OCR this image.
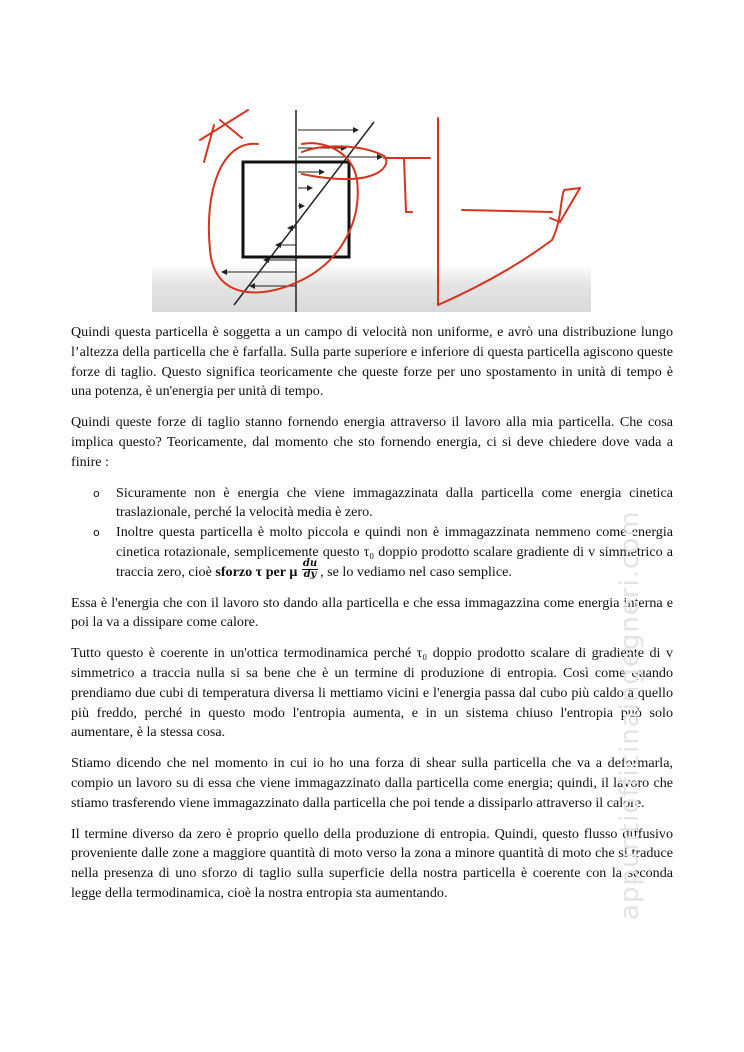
Quindi questa particella è soggetta a un campo di velocità non uniforme, e avrò una distribuzione lungo l’altezza della particella che è farfalla. Sulla parte superiore e inferiore di questa particella agiscono queste forze di taglio. Questo significa teoricamente che queste forze per uno spostamento in unità di tempo è una potenza, è un'energia per unità di tempo.

Quindi queste forze di taglio stanno fornendo energia attraverso il lavoro alla mia particella. Che cosa implica questo? Teoricamente, dal momento che sto fornendo energia, ci si deve chiedere dove vada a finire :

o Sicuramente non è energia che viene immagazzinata dalla particella come energia cinetica traslazionale, perché la velocità media è zero.
o Inoltre questa particella è molto piccola e quindi non è immagazzinata nemmeno come energia cinetica rotazionale, semplicemente questo τ₀ doppio prodotto scalare gradiente di v simmetrico a traccia zero, cioè sforzo τ per μ $\frac{du}{dy}$ , se lo vediamo nel caso semplice.

Essa è l'energia che con il lavoro sto dando alla particella e che essa immagazzina come energia interna e poi la va a dissipare come calore.

Tutto questo è coerente in un'ottica termodinamica perché τ₀ doppio prodotto scalare di gradiente di v simmetrico a traccia nulla si sa bene che è un termine di produzione di entropia. Così come quando prendiamo due cubi di temperatura diversa li mettiamo vicini e l'energia passa dal cubo più caldo a quello più freddo, perché in questo modo l'entropia aumenta, e in un sistema chiuso l'entropia può solo aumentare, è la stessa cosa.

Stiamo dicendo che nel momento in cui io ho una forza di shear sulla particella che va a deformarla, compio un lavoro su di essa che viene immagazzinato dalla particella come energia; quindi, il lavoro che stiamo trasferendo viene immagazzinato dalla particella che poi tende a dissiparlo attraverso il calore.

Il termine diverso da zero è proprio quello della produzione di entropia. Quindi, questo flusso diffusivo proveniente dalle zone a maggiore quantità di moto verso la zona a minore quantità di moto che si traduce nella presenza di uno sforzo di taglio sulla superficie della nostra particella è coerente con la seconda legge della termodinamica, cioè la nostra entropia sta aumentando.	appuntiofficinaingegneri.com
